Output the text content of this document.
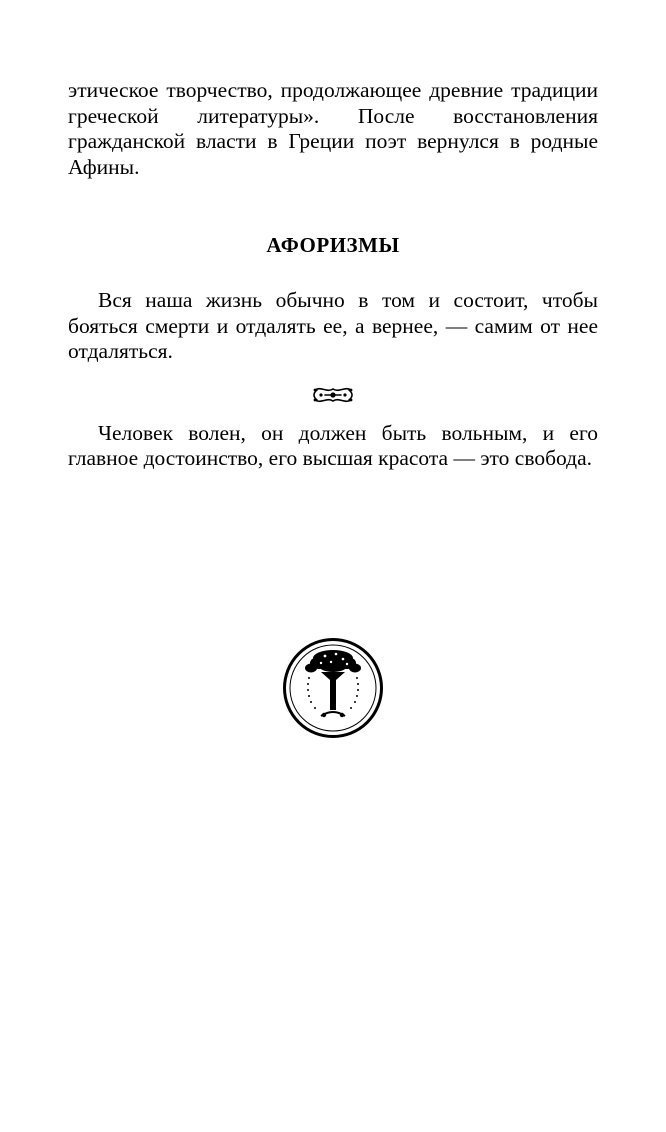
этическое творчество, продолжающее древние традиции греческой литературы». После восстановления гражданской власти в Греции поэт вернулся в родные Афины.

АФОРИЗМЫ

Вся наша жизнь обычно в том и состоит, чтобы бояться смерти и отдалять ее, а вернее, — самим от нее отдаляться.

Человек волен, он должен быть вольным, и его главное достоинство, его высшая красота — это свобода.
